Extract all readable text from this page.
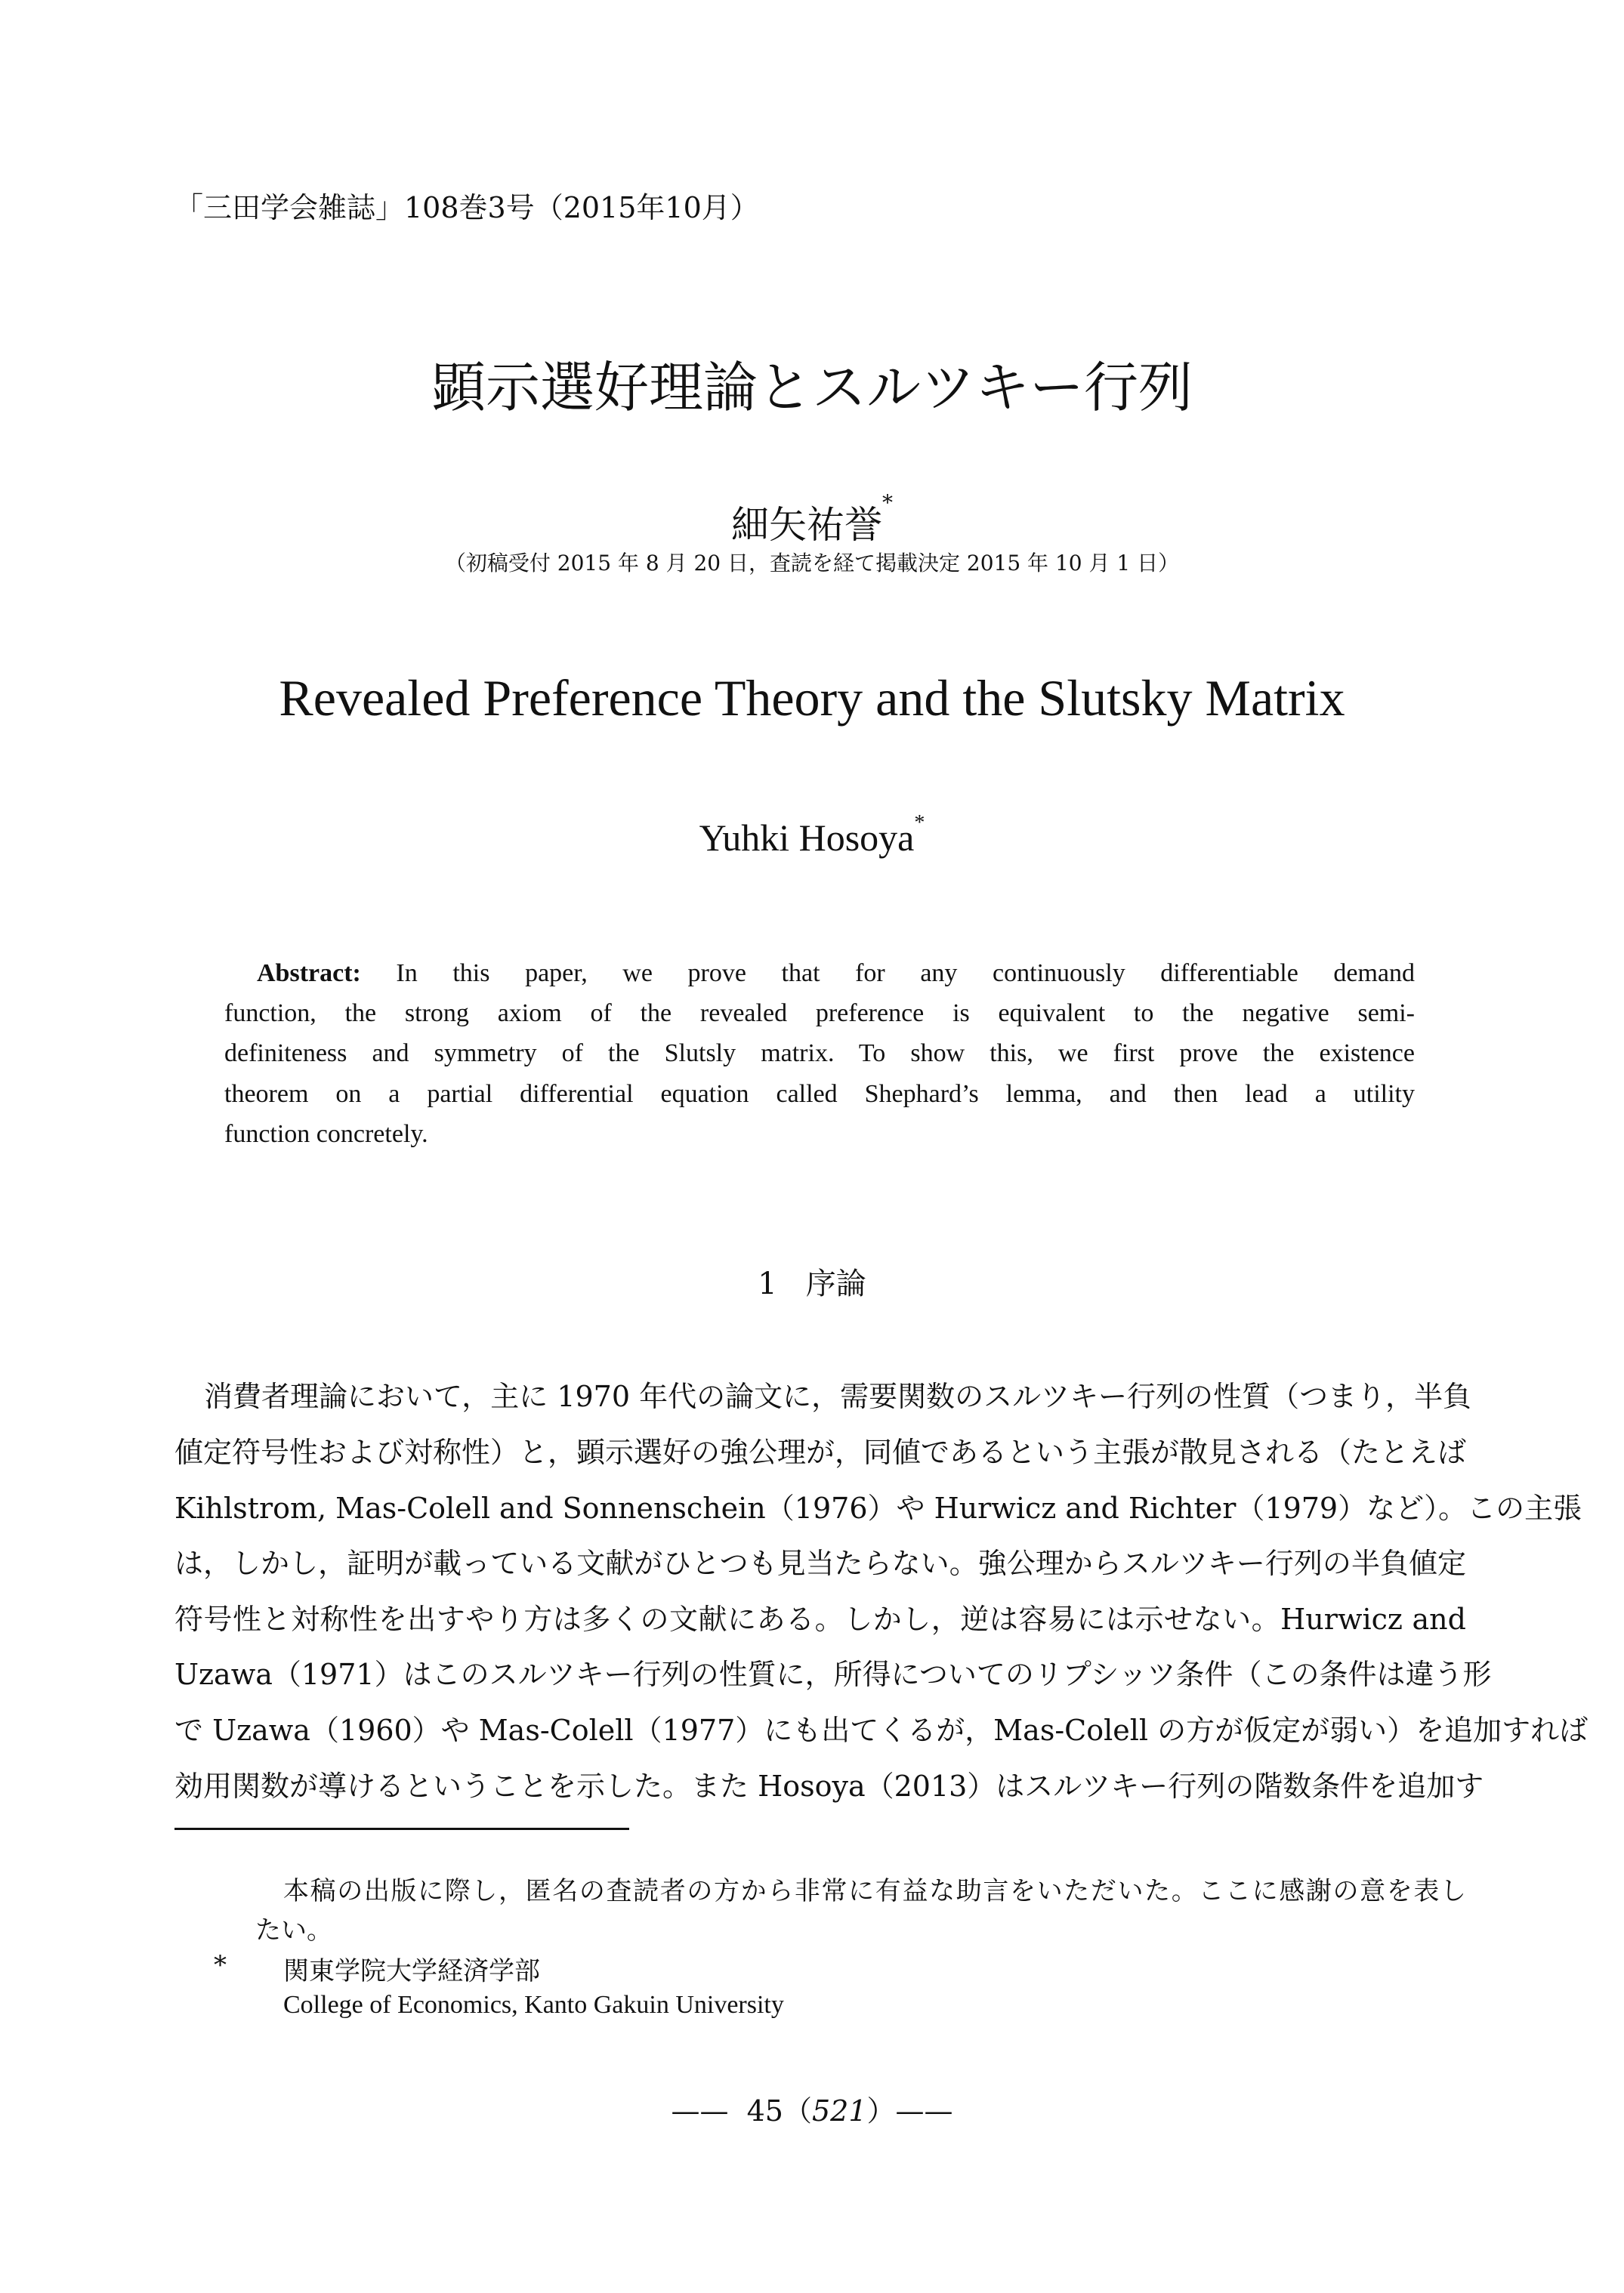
「三田学会雑誌」108巻3号（2015年10月）
顕示選好理論とスルツキー行列
細矢祐誉*
（初稿受付 2015 年 8 月 20 日，査読を経て掲載決定 2015 年 10 月 1 日）
Revealed Preference Theory and the Slutsky Matrix
Yuhki Hosoya*
Abstract: In this paper, we prove that for any continuously differentiable demand
function, the strong axiom of the revealed preference is equivalent to the negative semi-
definiteness and symmetry of the Slutsly matrix. To show this, we first prove the existence
theorem on a partial differential equation called Shephard’s lemma, and then lead a utility
function concretely.
1 序論
消費者理論において，主に 1970 年代の論文に，需要関数のスルツキー行列の性質（つまり，半負
値定符号性および対称性）と，顕示選好の強公理が，同値であるという主張が散見される（たとえば
Kihlstrom, Mas-Colell and Sonnenschein（1976）や Hurwicz and Richter（1979）など）。この主張
は，しかし，証明が載っている文献がひとつも見当たらない。強公理からスルツキー行列の半負値定
符号性と対称性を出すやり方は多くの文献にある。しかし，逆は容易には示せない。Hurwicz and
Uzawa（1971）はこのスルツキー行列の性質に，所得についてのリプシッツ条件（この条件は違う形
で Uzawa（1960）や Mas-Colell（1977）にも出てくるが，Mas-Colell の方が仮定が弱い）を追加すれば
効用関数が導けるということを示した。また Hosoya（2013）はスルツキー行列の階数条件を追加す
本稿の出版に際し，匿名の査読者の方から非常に有益な助言をいただいた。ここに感謝の意を表し
たい。
* 関東学院大学経済学部
College of Economics, Kanto Gakuin University
—— 45（521）——
